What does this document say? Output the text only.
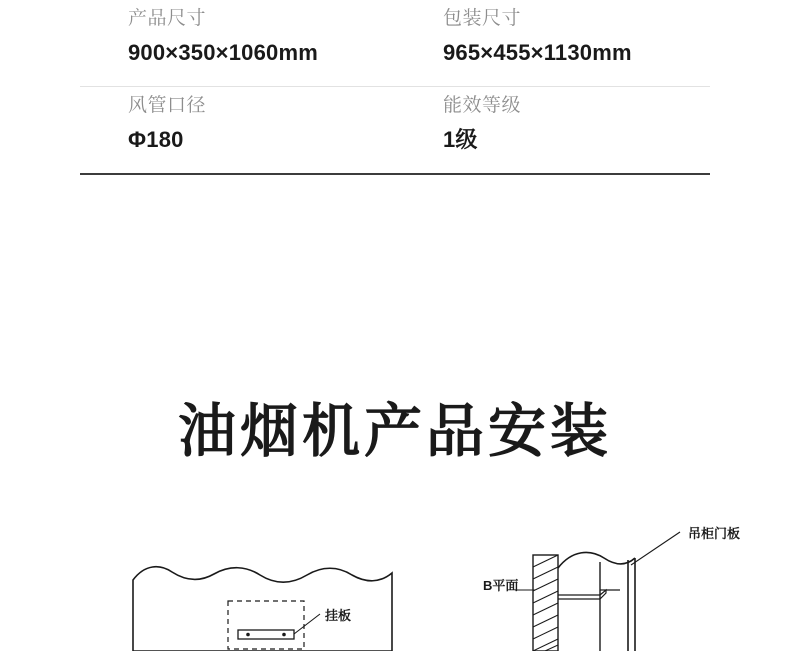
产品尺寸
900×350×1060mm
包装尺寸
965×455×1130mm
风管口径
Φ180
能效等级
1级
油烟机产品安装
挂板
B平面
吊柜门板
